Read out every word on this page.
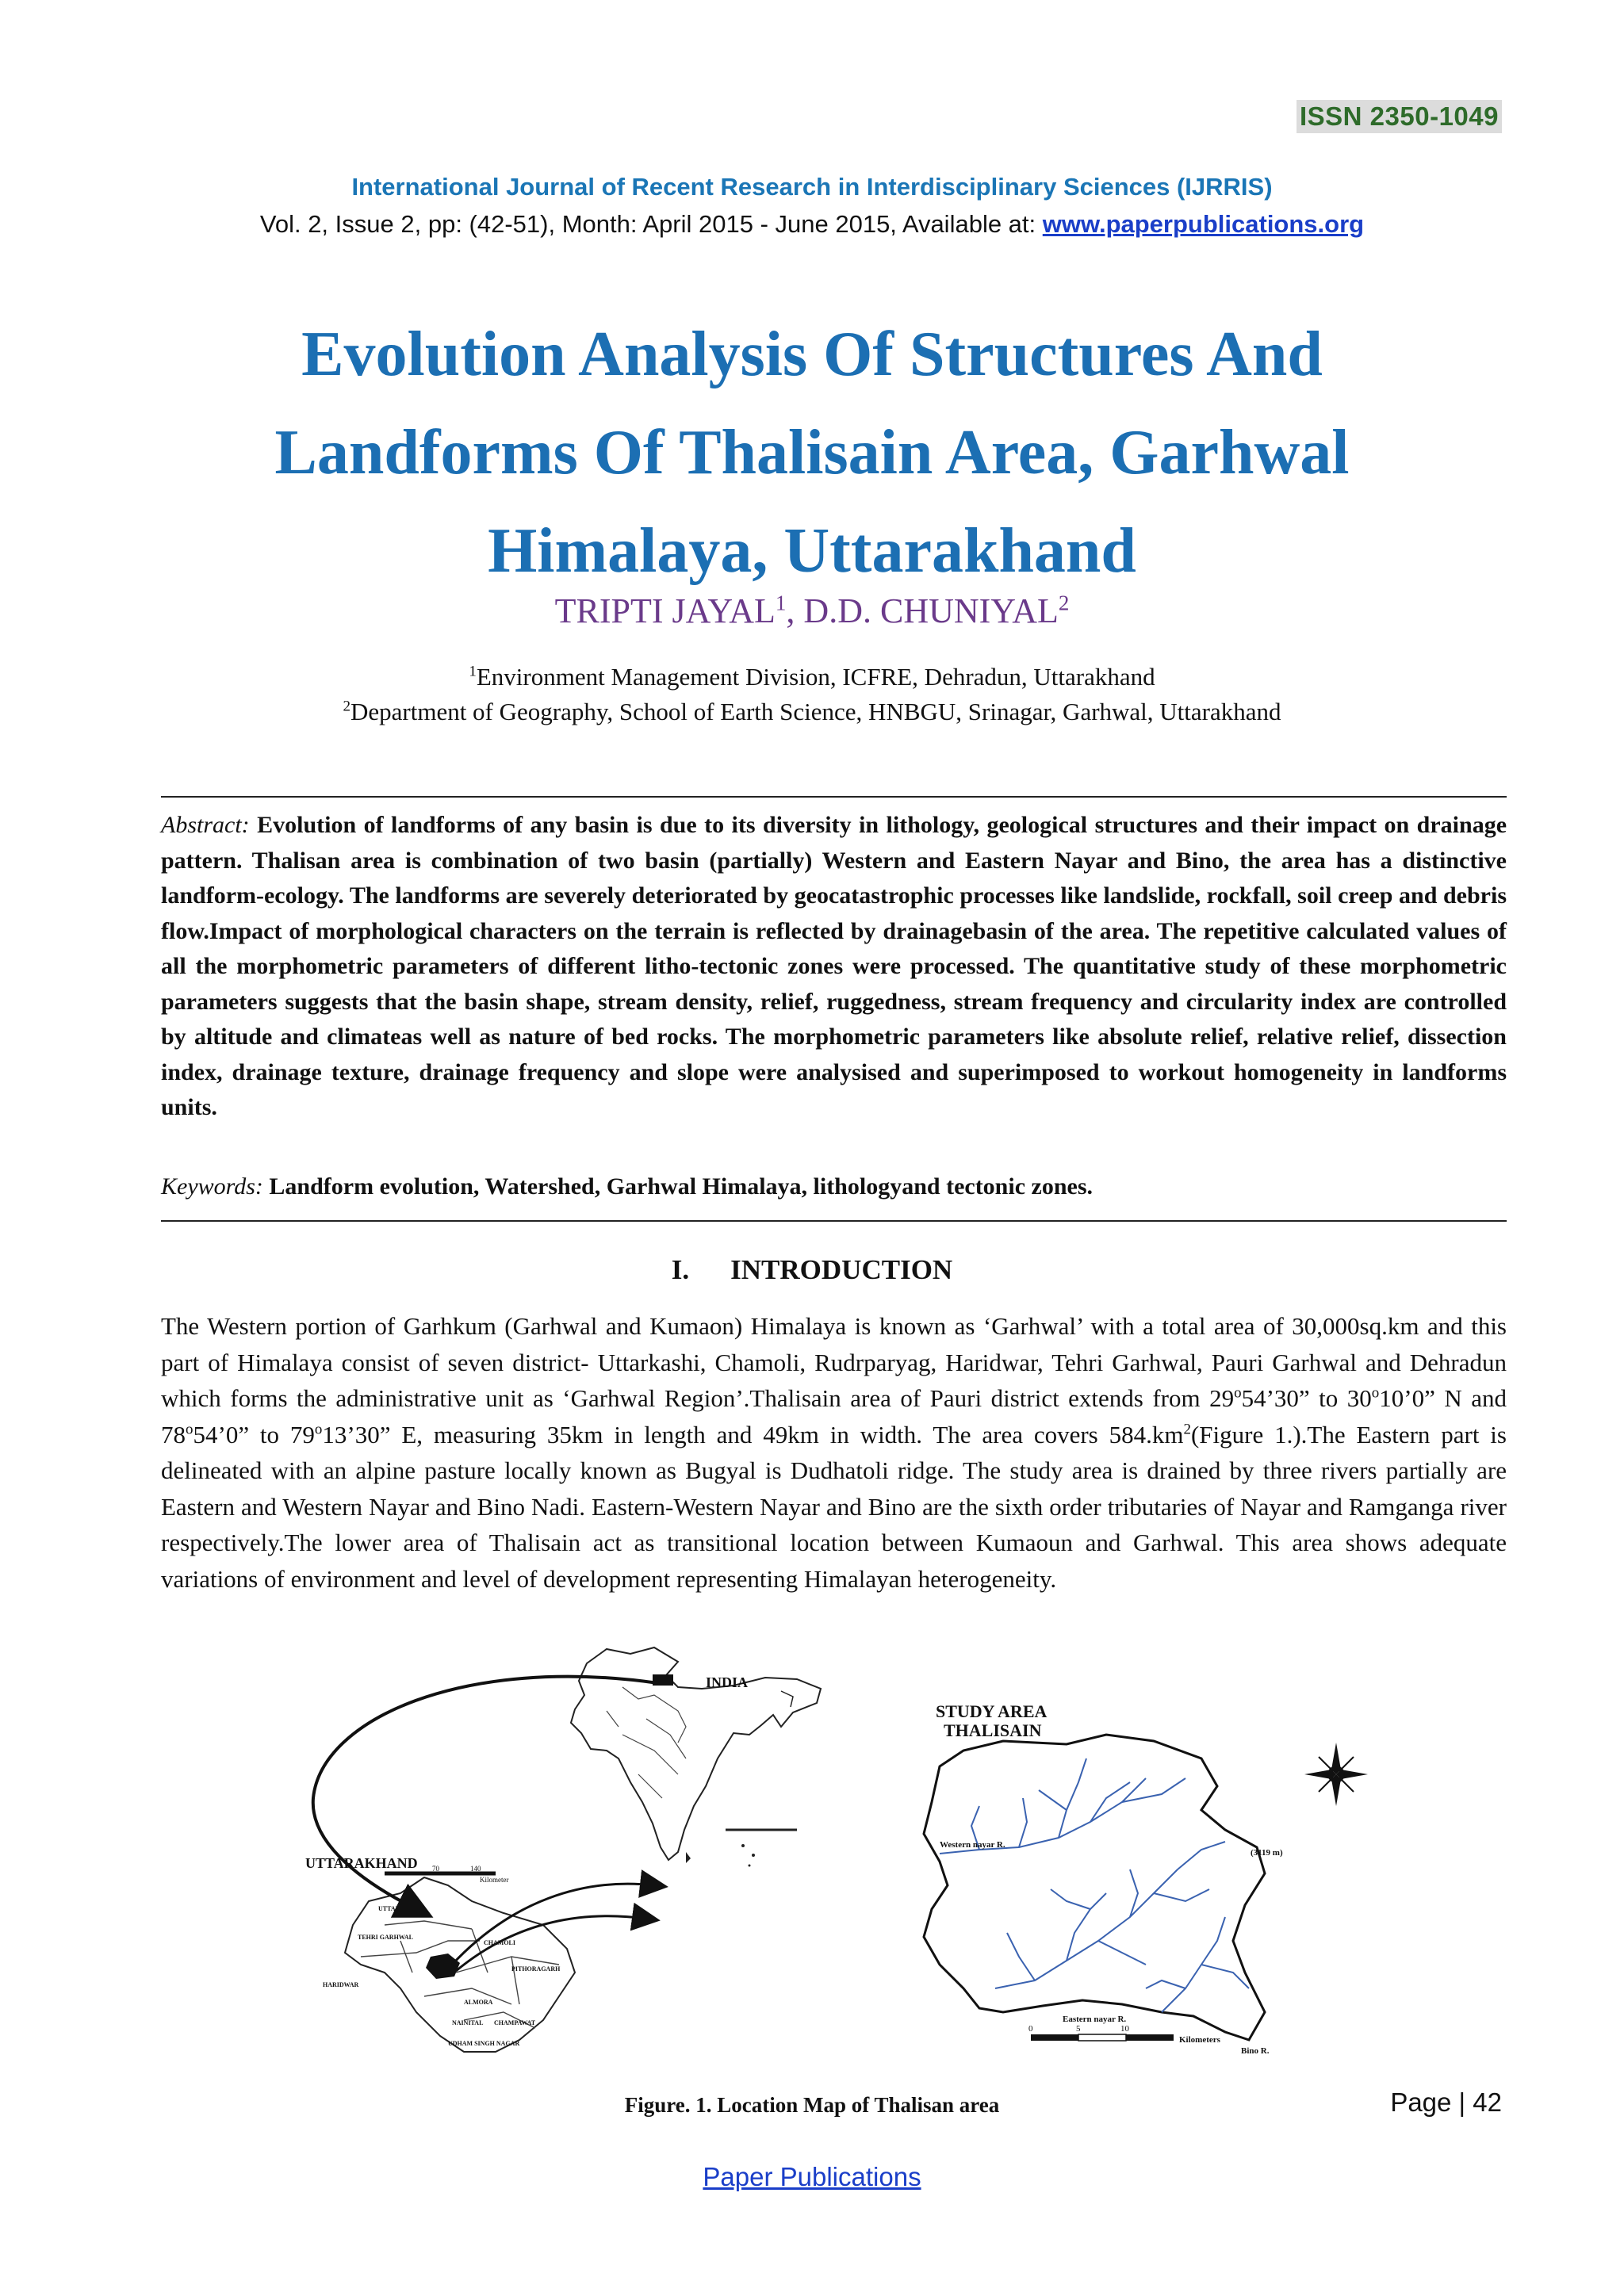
ISSN 2350-1049
International Journal of Recent Research in Interdisciplinary Sciences (IJRRIS)
Vol. 2, Issue 2, pp: (42-51), Month: April 2015 - June 2015, Available at: www.paperpublications.org
Evolution Analysis Of Structures And
Landforms Of Thalisain Area, Garhwal
Himalaya, Uttarakhand
TRIPTI JAYAL$^1$, D.D. CHUNIYAL$^2$
$^1$Environment Management Division, ICFRE, Dehradun, Uttarakhand
$^2$Department of Geography, School of Earth Science, HNBGU, Srinagar, Garhwal, Uttarakhand
Abstract: Evolution of landforms of any basin is due to its diversity in lithology, geological structures and their impact on drainage pattern. Thalisan area is combination of two basin (partially) Western and Eastern Nayar and Bino, the area has a distinctive landform-ecology. The landforms are severely deteriorated by geocatastrophic processes like landslide, rockfall, soil creep and debris flow.Impact of morphological characters on the terrain is reflected by drainagebasin of the area. The repetitive calculated values of all the morphometric parameters of different litho-tectonic zones were processed. The quantitative study of these morphometric parameters suggests that the basin shape, stream density, relief, ruggedness, stream frequency and circularity index are controlled by altitude and climateas well as nature of bed rocks. The morphometric parameters like absolute relief, relative relief, dissection index, drainage texture, drainage frequency and slope were analysised and superimposed to workout homogeneity in landforms units.
Keywords: Landform evolution, Watershed, Garhwal Himalaya, lithologyand tectonic zones.
I. INTRODUCTION
The Western portion of Garhkum (Garhwal and Kumaon) Himalaya is known as ‘Garhwal’ with a total area of 30,000sq.km and this part of Himalaya consist of seven district- Uttarkashi, Chamoli, Rudrparyag, Haridwar, Tehri Garhwal, Pauri Garhwal and Dehradun which forms the administrative unit as ‘Garhwal Region’.Thalisain area of Pauri district extends from 29$^o$54’30” to 30$^o$10’0” N and 78$^o$54’0” to 79$^o$13’30” E, measuring 35km in length and 49km in width. The area covers $584.km^2(Figure$ 1.).The Eastern part is delineated with an alpine pasture locally known as Bugyal is Dudhatoli ridge. The study area is drained by three rivers partially are Eastern and Western Nayar and Bino Nadi. Eastern-Western Nayar and Bino are the sixth order tributaries of Nayar and Ramganga river respectively.The lower area of Thalisain act as transitional location between Kumaoun and Garhwal. This area shows adequate variations of environment and level of development representing Himalayan heterogeneity.
INDIA
UTTARAKHAND 70	140
Kilometer
UTTARKASHI
TEHRI GARHWAL
CHAMOLI
PITHORAGARH
HARIDWAR
ALMORA
NAINITAL CHAMPAWAT
UDHAM SINGH NAGAR
STUDY AREA
THALISAIN
Western nayar R.
Eastern nayar R.
Bino R.
(3119 m)
0	5	10
Kilometers
Figure. 1. Location Map of Thalisan area	Page | 42
Paper Publications
